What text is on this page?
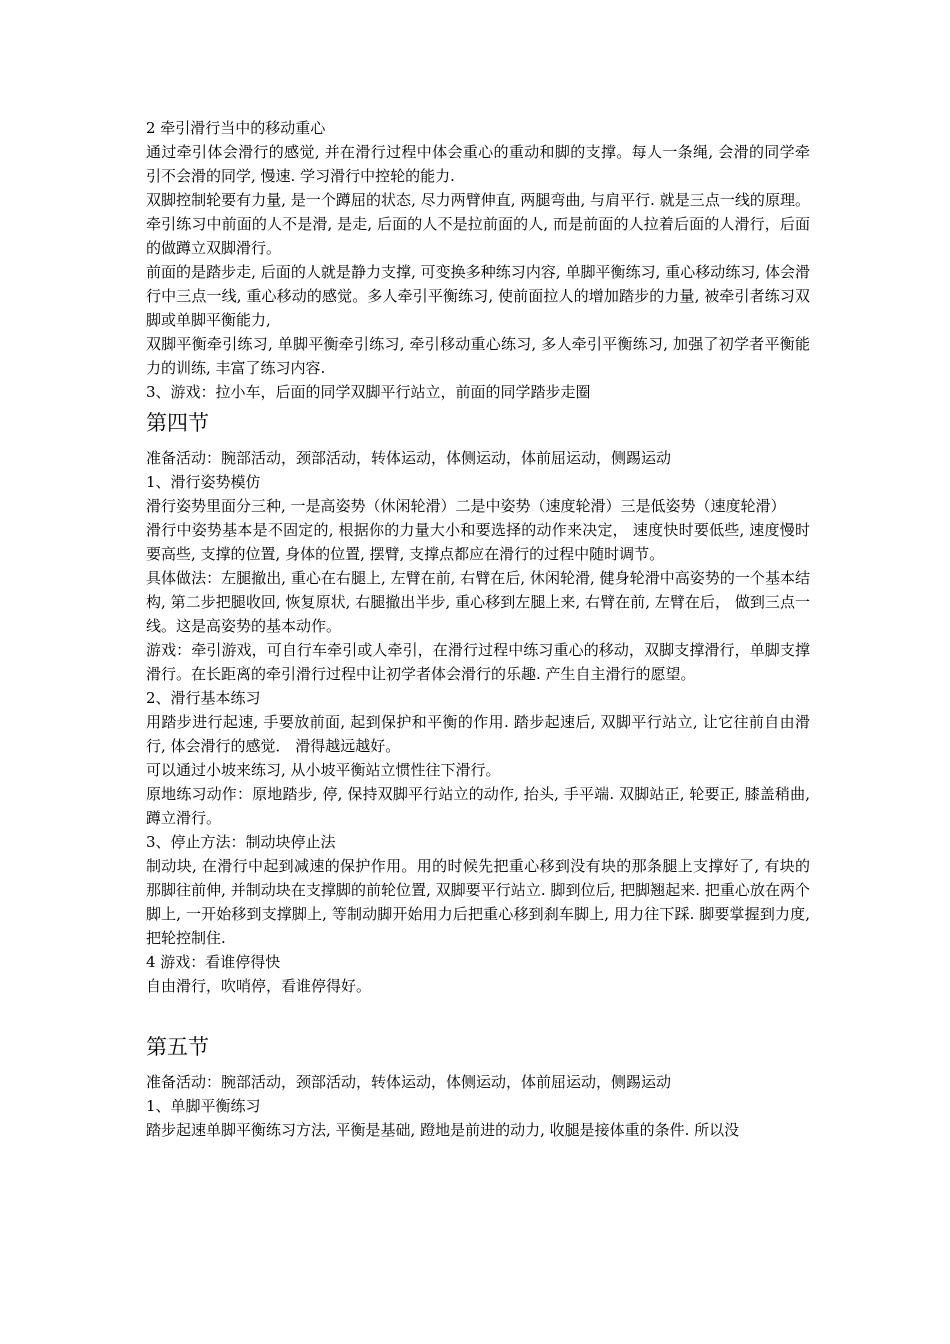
2 牵引滑行当中的移动重心

通过牵引体会滑行的感觉, 并在滑行过程中体会重心的重动和脚的支撑。每人一条绳, 会滑的同学牵引不会滑的同学, 慢速. 学习滑行中控轮的能力.

双脚控制轮要有力量, 是一个蹲屈的状态, 尽力两臂伸直, 两腿弯曲, 与肩平行. 就是三点一线的原理。牵引练习中前面的人不是滑, 是走, 后面的人不是拉前面的人, 而是前面的人拉着后面的人滑行，后面的做蹲立双脚滑行。

前面的是踏步走, 后面的人就是静力支撑, 可变换多种练习内容, 单脚平衡练习, 重心移动练习, 体会滑行中三点一线, 重心移动的感觉。多人牵引平衡练习, 使前面拉人的增加踏步的力量, 被牵引者练习双脚或单脚平衡能力,

双脚平衡牵引练习, 单脚平衡牵引练习, 牵引移动重心练习, 多人牵引平衡练习, 加强了初学者平衡能力的训练, 丰富了练习内容.

3、游戏：拉小车，后面的同学双脚平行站立，前面的同学踏步走圈

第四节

准备活动：腕部活动，颈部活动，转体运动，体侧运动，体前屈运动，侧踢运动

1、滑行姿势模仿

滑行姿势里面分三种, 一是高姿势（休闲轮滑）二是中姿势（速度轮滑）三是低姿势（速度轮滑）

滑行中姿势基本是不固定的, 根据你的力量大小和要选择的动作来决定， 速度快时要低些, 速度慢时要高些, 支撑的位置, 身体的位置, 摆臂, 支撑点都应在滑行的过程中随时调节。

具体做法：左腿撤出, 重心在右腿上, 左臂在前, 右臂在后, 休闲轮滑, 健身轮滑中高姿势的一个基本结构, 第二步把腿收回, 恢复原状, 右腿撤出半步, 重心移到左腿上来, 右臂在前, 左臂在后， 做到三点一线。这是高姿势的基本动作。

游戏：牵引游戏，可自行车牵引或人牵引，在滑行过程中练习重心的移动，双脚支撑滑行，单脚支撑滑行。在长距离的牵引滑行过程中让初学者体会滑行的乐趣. 产生自主滑行的愿望。

2、滑行基本练习

用踏步进行起速, 手要放前面, 起到保护和平衡的作用. 踏步起速后, 双脚平行站立, 让它往前自由滑行, 体会滑行的感觉． 滑得越远越好。

可以通过小坡来练习, 从小坡平衡站立惯性往下滑行。

原地练习动作：原地踏步, 停, 保持双脚平行站立的动作, 抬头, 手平端. 双脚站正, 轮要正, 膝盖稍曲, 蹲立滑行。

3、停止方法：制动块停止法

制动块, 在滑行中起到减速的保护作用。用的时候先把重心移到没有块的那条腿上支撑好了, 有块的那脚往前伸, 并制动块在支撑脚的前轮位置, 双脚要平行站立. 脚到位后, 把脚翘起来. 把重心放在两个脚上, 一开始移到支撑脚上, 等制动脚开始用力后把重心移到刹车脚上, 用力往下踩. 脚要掌握到力度, 把轮控制住.

4 游戏：看谁停得快

自由滑行，吹哨停，看谁停得好。

第五节

准备活动：腕部活动，颈部活动，转体运动，体侧运动，体前屈运动，侧踢运动

1、单脚平衡练习

踏步起速单脚平衡练习方法, 平衡是基础, 蹬地是前进的动力, 收腿是接体重的条件. 所以没
